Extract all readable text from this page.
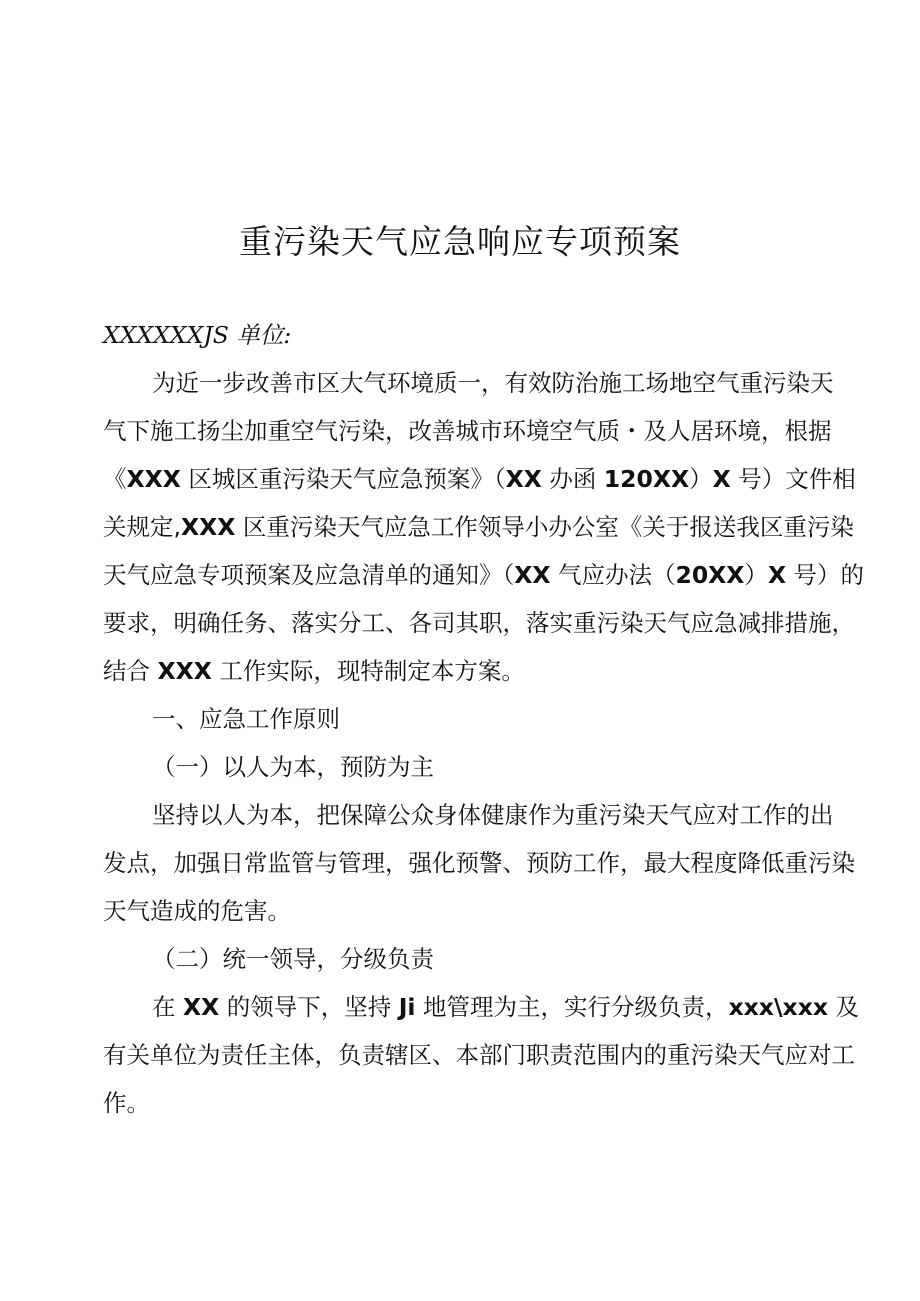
重污染天气应急响应专项预案
XXXXXXJS 单位:
为近一步改善市区大气环境质一，有效防治施工场地空气重污染天
气下施工扬尘加重空气污染，改善城市环境空气质・及人居环境，根据
《XXX 区城区重污染天气应急预案》（XX 办函 120XX）X 号）文件相
关规定,XXX 区重污染天气应急工作领导小办公室《关于报送我区重污染
天气应急专项预案及应急清单的通知》（XX 气应办法（20XX）X 号）的
要求，明确任务、落实分工、各司其职，落实重污染天气应急减排措施，
结合 XXX 工作实际，现特制定本方案。
一、应急工作原则
（一）以人为本，预防为主
坚持以人为本，把保障公众身体健康作为重污染天气应对工作的出
发点，加强日常监管与管理，强化预警、预防工作，最大程度降低重污染
天气造成的危害。
（二）统一领导，分级负责
在 XX 的领导下，坚持 Ji 地管理为主，实行分级负责，xxx\xxx 及
有关单位为责任主体，负责辖区、本部门职责范围内的重污染天气应对工
作。
